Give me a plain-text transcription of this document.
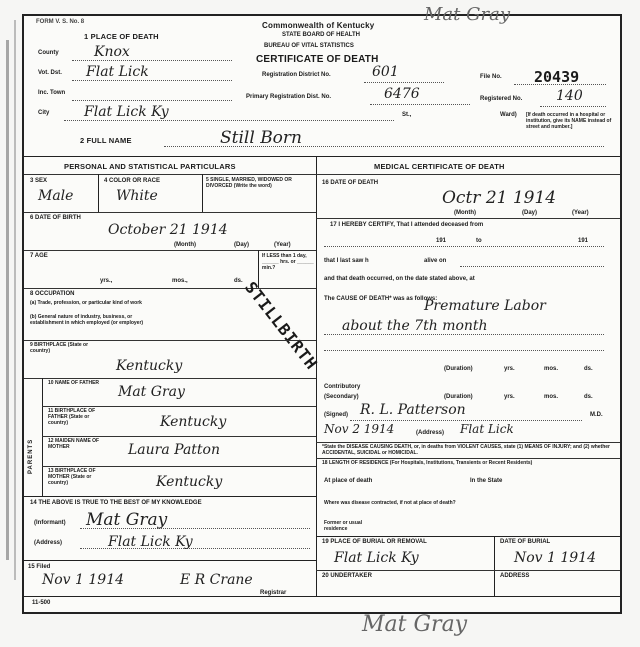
FORM V. S. No. 8	Commonwealth of Kentucky
STATE BOARD OF HEALTH
BUREAU OF VITAL STATISTICS
CERTIFICATE OF DEATH
1 PLACE OF DEATH
County	Knox
Vot. Dst. Flat Lick
Inc. Town
City Flat Lick Ky	St.,	Ward)
Registration District No.	601
Primary Registration Dist. No.	6476
File No. 20439
Registered No. 140
[If death occurred in a hospital or institution, give its NAME instead of street and number.]
2 FULL NAME	Still Born
PERSONAL AND STATISTICAL PARTICULARS
3 SEX
Male
4 COLOR OR RACE
White
5 SINGLE, MARRIED, WIDOWED OR DIVORCED (Write the word)
6 DATE OF BIRTH
October 21 1914
(Month)	(Day)	(Year)
7 AGE
yrs.,	mos.,	ds.
If LESS than 1 day, ______ hrs. or ______ min.?
8 OCCUPATION
(a) Trade, profession, or particular kind of work
(b) General nature of industry, business, or establishment in which employed (or employer)	STILLBIRTH
9 BIRTHPLACE (State or country)
Kentucky
PARENTS
10 NAME OF FATHER
Mat Gray
11 BIRTHPLACE OF FATHER (State or country)	Kentucky
12 MAIDEN NAME OF MOTHER	Laura Patton
13 BIRTHPLACE OF MOTHER (State or country)	Kentucky
14 THE ABOVE IS TRUE TO THE BEST OF MY KNOWLEDGE
(Informant) Mat Gray
(Address)	Flat Lick Ky
15 Filed
Nov 1 1914	E R Crane
Registrar
MEDICAL CERTIFICATE OF DEATH
16 DATE OF DEATH
Octr 21 1914
(Month)	(Day)	(Year)
17 I HEREBY CERTIFY, That I attended deceased from
191	to	191
that I last saw h	alive on
and that death occurred, on the date stated above, at
The CAUSE OF DEATH* was as follows:
Premature Labor
about the 7th month
(Duration)	yrs.	mos.	ds.
Contributory
(Secondary)	(Duration)	yrs.	mos.	ds.
(Signed) R. L. Patterson	M.D.
Nov 2 1914	(Address) Flat Lick
*State the DISEASE CAUSING DEATH, or, in deaths from VIOLENT CAUSES, state (1) MEANS OF INJURY; and (2) whether ACCIDENTAL, SUICIDAL or HOMICIDAL.
18 LENGTH OF RESIDENCE (For Hospitals, Institutions, Transients or Recent Residents)
At place of death	In the State
Where was disease contracted, if not at place of death?
Former or usual residence
19 PLACE OF BURIAL OR REMOVAL
Flat Lick Ky
DATE OF BURIAL
Nov 1 1914
20 UNDERTAKER	ADDRESS
11-500
Mat Gray
Mat Gray
